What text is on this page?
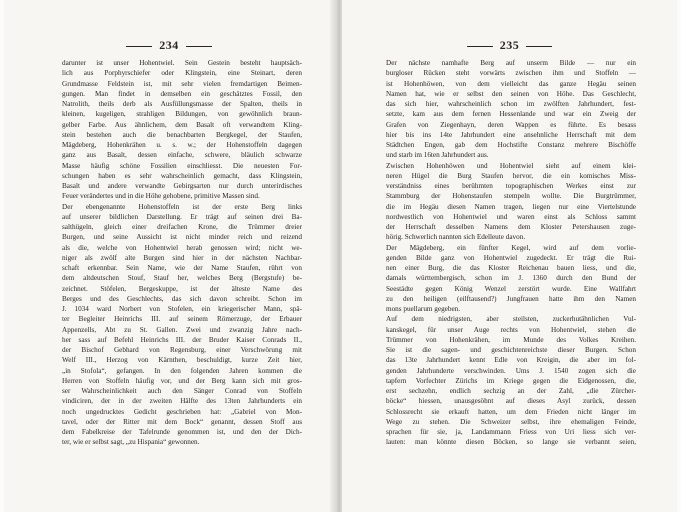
234
darunter ist unser Hohentwiel. Sein Gestein besteht hauptsäch-
lich aus Porphyrschiefer oder Klingstein, eine Steinart, deren
Grundmasse Feldstein ist, mit sehr vielen fremdartigen Beimen-
gungen. Man findet in demselben ein geschätztes Fossil, den
Natrolith, theils derb als Ausfüllungsmasse der Spalten, theils in
kleinen, kugeligen, strahligen Bildungen, von gewöhnlich braun-
gelber Farbe. Aus ähnlichem, dem Basalt oft verwandtem Kling-
stein bestehen auch die benachbarten Bergkegel, der Staufen,
Mägdeberg, Hohenkrähen u. s. w.; der Hohenstoffeln dagegen
ganz aus Basalt, dessen einfache, schwere, bläulich schwarze
Masse häufig schöne Fossilien einschliesst. Die neuesten For-
schungen haben es sehr wahrscheinlich gemacht, dass Klingstein,
Basalt und andere verwandte Gebirgsarten nur durch unterirdisches
Feuer verändertes und in die Höhe gehobene, primitive Massen sind.
Der ebengenannte Hohenstoffeln ist der erste Berg links
auf unserer bildlichen Darstellung. Er trägt auf seinen drei Ba-
salthügeln, gleich einer dreifachen Krone, die Trümmer dreier
Burgen, und seine Aussicht ist nicht minder reich und reizend
als die, welche von Hohentwiel herab genossen wird; nicht we-
niger als zwölf alte Burgen sind hier in der nächsten Nachbar-
schaft erkennbar. Sein Name, wie der Name Staufen, rührt von
dem altdeutschen Stouf, Stauf her, welches Berg (Bergstufe) be-
zeichnet. Stöfelen, Bergeskuppe, ist der älteste Name des
Berges und des Geschlechts, das sich davon schreibt. Schon im
J. 1034 ward Norbert von Stofelen, ein kriegerischer Mann, spä-
ter Begleiter Heinrichs III. auf seinem Römerzuge, der Erbauer
Appenzells, Abt zu St. Gallen. Zwei und zwanzig Jahre nach-
her sass auf Befehl Heinrichs III. der Bruder Kaiser Conrads II.,
der Bischof Gebhard von Regensburg, einer Verschwörung mit
Welf III., Herzog von Kärnthen, beschuldigt, kurze Zeit hier,
„in Stofola“, gefangen. In den folgenden Jahren kommen die
Herren von Stoffeln häufig vor, und der Berg kann sich mit gros-
ser Wahrscheinlichkeit auch den Sänger Conrad von Stoffeln
vindiciren, der in der zweiten Hälfte des 13ten Jahrhunderts ein
noch ungedrucktes Gedicht geschrieben hat: „Gabriel von Mon-
tavel, oder der Ritter mit dem Bock“ genannt, dessen Stoff aus
dem Fabelkreise der Tafelrunde genommen ist, und den der Dich-
ter, wie er selbst sagt, „zu Hispania“ gewonnen.
235
Der nächste namhafte Berg auf unserm Bilde — nur ein
burgloser Rücken steht vorwärts zwischen ihm und Stoffeln —
ist Hohenhöwen, von dem vielleicht das ganze Hegäu seinen
Namen hat, wie er selbst den seinen von Höhe. Das Geschlecht,
das sich hier, wahrscheinlich schon im zwölften Jahrhundert, fest-
setzte, kam aus dem fernen Hessenlande und war ein Zweig der
Grafen von Ziegenhayn, deren Wappen es führte. Es besass
hier bis ins 14te Jahrhundert eine ansehnliche Herrschaft mit dem
Städtchen Engen, gab dem Hochstifte Constanz mehrere Bischöffe
und starb im 16ten Jahrhundert aus.
Zwischen Hohenhöwen und Hohentwiel sieht auf einem klei-
neren Hügel die Burg Staufen hervor, die ein komisches Miss-
verständniss eines berühmten topographischen Werkes einst zur
Stammburg der Hohenstaufen stempeln wollte. Die Burgtrümmer,
die im Hegäu diesen Namen tragen, liegen nur eine Viertelstunde
nordwestlich von Hohentwiel und waren einst als Schloss sammt
der Herrschaft desselben Namens dem Kloster Petershausen zuge-
hörig. Schwerlich nannten sich Edelleute davon.
Der Mägdeberg, ein fünfter Kegel, wird auf dem vorlie-
genden Bilde ganz von Hohentwiel zugedeckt. Er trägt die Rui-
nen einer Burg, die das Kloster Reichenau bauen liess, und die,
damals württembergisch, schon im J. 1360 durch den Bund der
Seestädte gegen König Wenzel zerstört wurde. Eine Wallfahrt
zu den heiligen (eilftausend?) Jungfrauen hatte ihm den Namen
mons puellarum gegeben.
Auf dem niedrigsten, aber steilsten, zuckerhutähnlichen Vul-
kanskegel, für unser Auge rechts von Hohentwiel, stehen die
Trümmer von Hohenkrähen, im Munde des Volkes Kreihen.
Sie ist die sagen- und geschichtenreichste dieser Burgen. Schon
das 13te Jahrhundert kennt Edle von Kreigin, die aber im fol-
genden Jahrhunderte verschwinden. Ums J. 1540 zogen sich die
tapfern Vorfechter Zürichs im Kriege gegen die Eidgenossen, die,
erst sechzehn, endlich sechzig an der Zahl, „die Zürcher-
böcke“ hiessen, unausgesöhnt auf dieses Asyl zurück, dessen
Schlossrecht sie erkauft hatten, um dem Frieden nicht länger im
Wege zu stehen. Die Schweizer selbst, ihre ehemaligen Feinde,
sprachen für sie, ja, Landammann Friess von Uri liess sich ver-
lauten: man könnte diesen Böcken, so lange sie verbannt seien,
